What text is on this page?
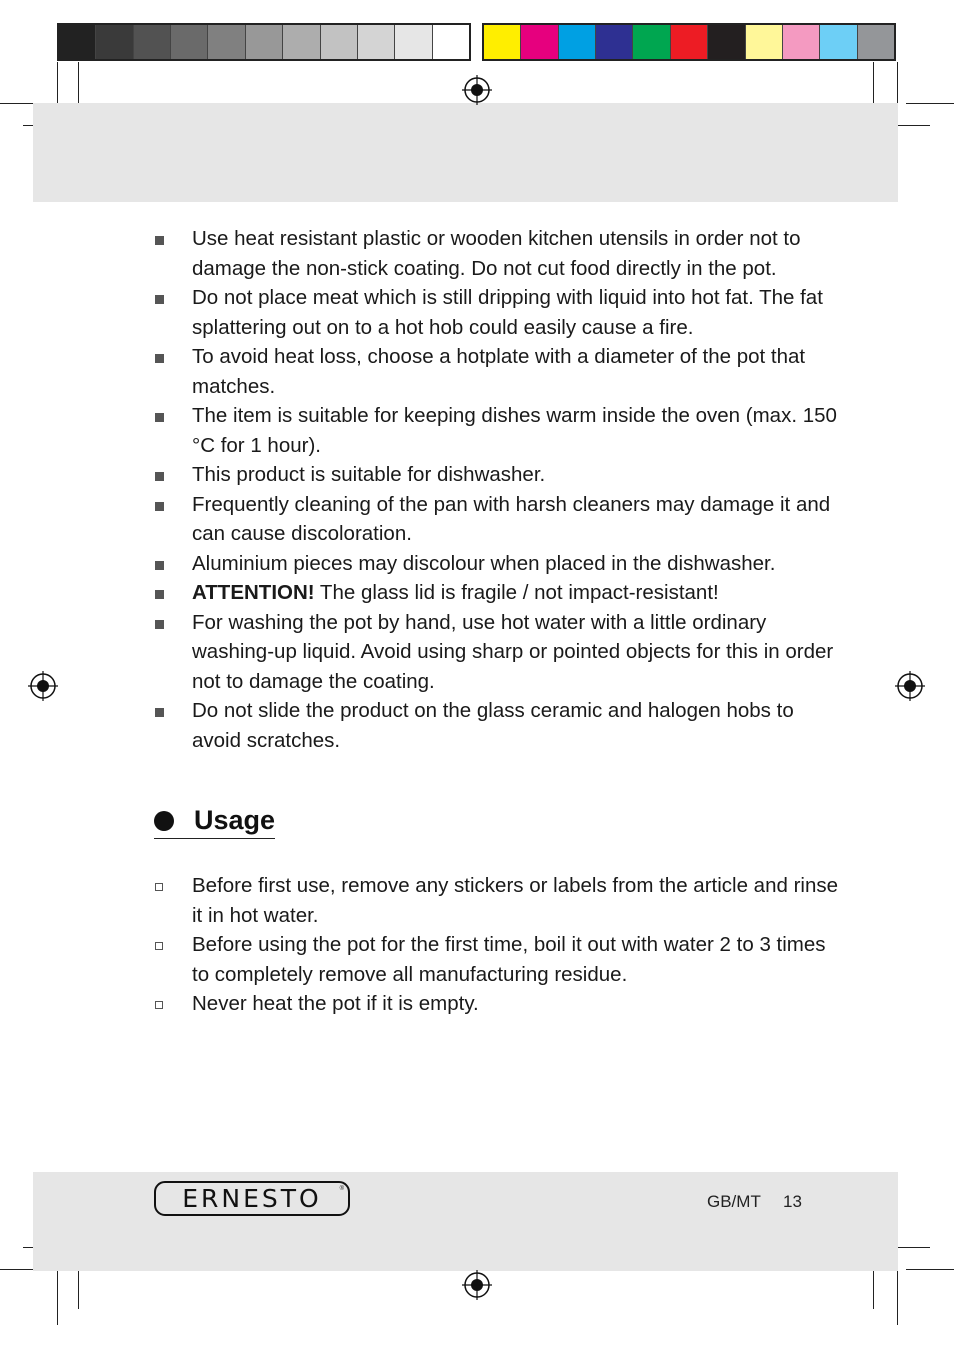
Use heat resistant plastic or wooden kitchen utensils in order not to damage the non-stick coating. Do not cut food directly in the pot.

Do not place meat which is still dripping with liquid into hot fat. The fat splattering out on to a hot hob could easily cause a fire.

To avoid heat loss, choose a hotplate with a diameter of the pot that matches.

The item is suitable for keeping dishes warm inside the oven (max. 150 °C for 1 hour).

This product is suitable for dishwasher.

Frequently cleaning of the pan with harsh cleaners may damage it and can cause discoloration.

Aluminium pieces may discolour when placed in the dishwasher.

ATTENTION! The glass lid is fragile / not impact-resistant!

For washing the pot by hand, use hot water with a little ordinary washing-up liquid. Avoid using sharp or pointed objects for this in order not to damage the coating.

Do not slide the product on the glass ceramic and halogen hobs to avoid scratches.

Usage

Before first use, remove any stickers or labels from the article and rinse it in hot water.

Before using the pot for the first time, boil it out with water 2 to 3 times to completely remove all manufacturing residue.

Never heat the pot if it is empty.

ERNESTO	®
GB/MT 13
